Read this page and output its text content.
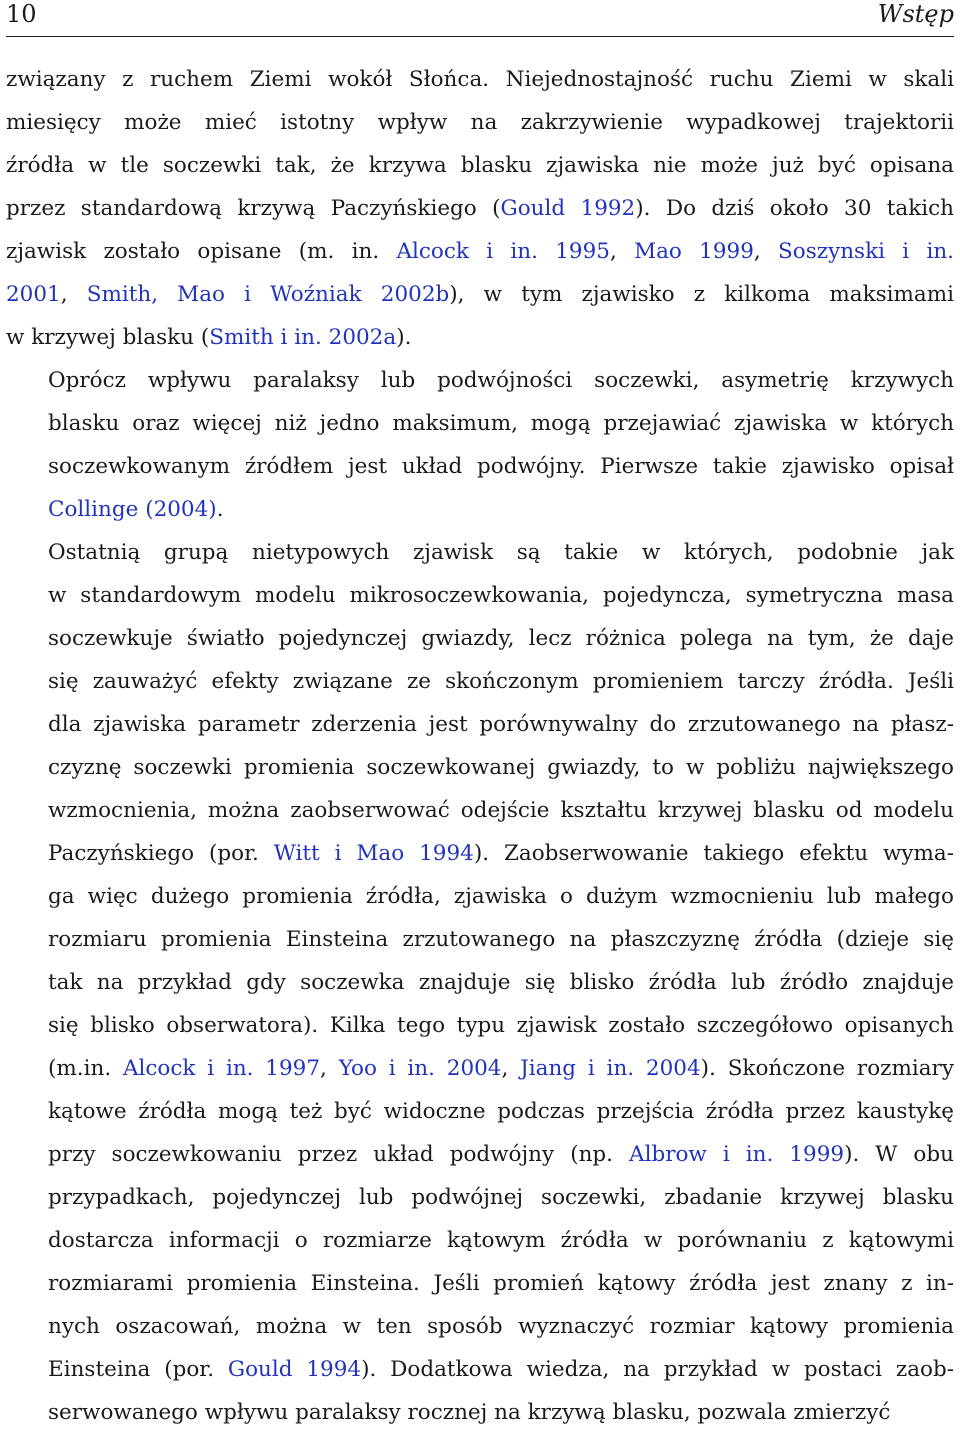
10	Wstęp
związany z ruchem Ziemi wokół Słońca. Niejednostajność ruchu Ziemi w skali
miesięcy może mieć istotny wpływ na zakrzywienie wypadkowej trajektorii
źródła w tle soczewki tak, że krzywa blasku zjawiska nie może już być opisana
przez standardową krzywą Paczyńskiego (Gould 1992). Do dziś około 30 takich
zjawisk zostało opisane (m. in. Alcock i in. 1995, Mao 1999, Soszynski i in.
2001, Smith, Mao i Woźniak 2002b), w tym zjawisko z kilkoma maksimami
w krzywej blasku (Smith i in. 2002a).
Oprócz wpływu paralaksy lub podwójności soczewki, asymetrię krzywych
blasku oraz więcej niż jedno maksimum, mogą przejawiać zjawiska w których
soczewkowanym źródłem jest układ podwójny. Pierwsze takie zjawisko opisał
Collinge (2004).
Ostatnią grupą nietypowych zjawisk są takie w których, podobnie jak
w standardowym modelu mikrosoczewkowania, pojedyncza, symetryczna masa
soczewkuje światło pojedynczej gwiazdy, lecz różnica polega na tym, że daje
się zauważyć efekty związane ze skończonym promieniem tarczy źródła. Jeśli
dla zjawiska parametr zderzenia jest porównywalny do zrzutowanego na płasz-
czyznę soczewki promienia soczewkowanej gwiazdy, to w pobliżu największego
wzmocnienia, można zaobserwować odejście kształtu krzywej blasku od modelu
Paczyńskiego (por. Witt i Mao 1994). Zaobserwowanie takiego efektu wyma-
ga więc dużego promienia źródła, zjawiska o dużym wzmocnieniu lub małego
rozmiaru promienia Einsteina zrzutowanego na płaszczyznę źródła (dzieje się
tak na przykład gdy soczewka znajduje się blisko źródła lub źródło znajduje
się blisko obserwatora). Kilka tego typu zjawisk zostało szczegółowo opisanych
(m.in. Alcock i in. 1997, Yoo i in. 2004, Jiang i in. 2004). Skończone rozmiary
kątowe źródła mogą też być widoczne podczas przejścia źródła przez kaustykę
przy soczewkowaniu przez układ podwójny (np. Albrow i in. 1999). W obu
przypadkach, pojedynczej lub podwójnej soczewki, zbadanie krzywej blasku
dostarcza informacji o rozmiarze kątowym źródła w porównaniu z kątowymi
rozmiarami promienia Einsteina. Jeśli promień kątowy źródła jest znany z in-
nych oszacowań, można w ten sposób wyznaczyć rozmiar kątowy promienia
Einsteina (por. Gould 1994). Dodatkowa wiedza, na przykład w postaci zaob-
serwowanego wpływu paralaksy rocznej na krzywą blasku, pozwala zmierzyć
